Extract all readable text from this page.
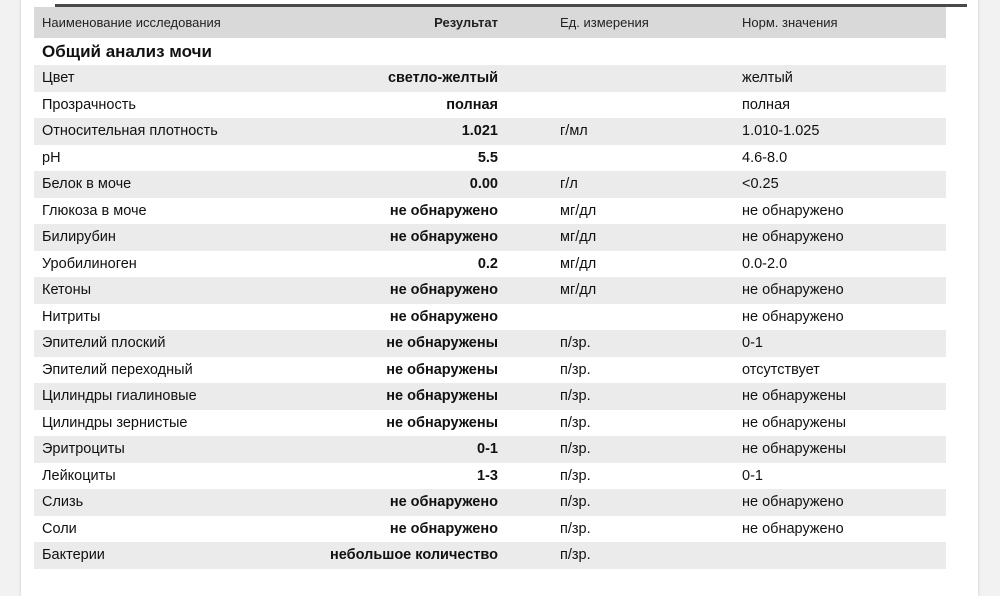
Наименование исследования	Результат	Ед. измерения	Норм. значения
Общий анализ мочи			
Цвет	светло-желтый		желтый
Прозрачность	полная		полная
Относительная плотность	1.021	г/мл	1.010-1.025
pH	5.5		4.6-8.0
Белок в моче	0.00	г/л	<0.25
Глюкоза в моче	не обнаружено	мг/дл	не обнаружено
Билирубин	не обнаружено	мг/дл	не обнаружено
Уробилиноген	0.2	мг/дл	0.0-2.0
Кетоны	не обнаружено	мг/дл	не обнаружено
Нитриты	не обнаружено		не обнаружено
Эпителий плоский	не обнаружены	п/зр.	0-1
Эпителий переходный	не обнаружены	п/зр.	отсутствует
Цилиндры гиалиновые	не обнаружены	п/зр.	не обнаружены
Цилиндры зернистые	не обнаружены	п/зр.	не обнаружены
Эритроциты	0-1	п/зр.	не обнаружены
Лейкоциты	1-3	п/зр.	0-1
Слизь	не обнаружено	п/зр.	не обнаружено
Соли	не обнаружено	п/зр.	не обнаружено
Бактерии	небольшое количество	п/зр.	
